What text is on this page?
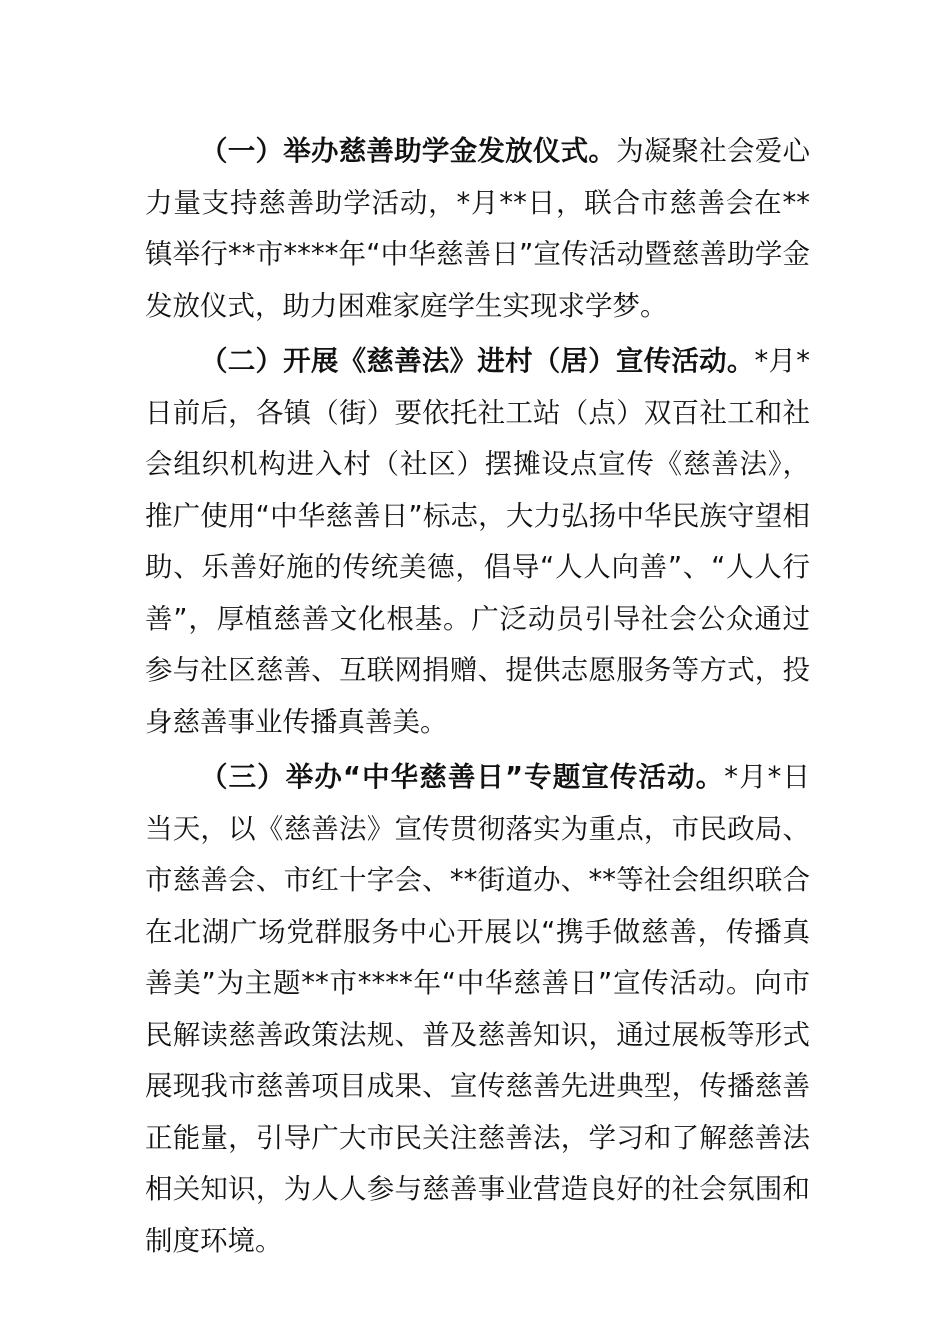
（一）举办慈善助学金发放仪式。为凝聚社会爱心力量支持慈善助学活动，*月**日，联合市慈善会在**镇举行**市****年“中华慈善日”宣传活动暨慈善助学金发放仪式，助力困难家庭学生实现求学梦。

（二）开展《慈善法》进村（居）宣传活动。*月*日前后，各镇（街）要依托社工站（点）双百社工和社会组织机构进入村（社区）摆摊设点宣传《慈善法》，推广使用“中华慈善日”标志，大力弘扬中华民族守望相助、乐善好施的传统美德，倡导“人人向善”、“人人行善”，厚植慈善文化根基。广泛动员引导社会公众通过参与社区慈善、互联网捐赠、提供志愿服务等方式，投身慈善事业传播真善美。

（三）举办“中华慈善日”专题宣传活动。*月*日当天，以《慈善法》宣传贯彻落实为重点，市民政局、市慈善会、市红十字会、**街道办、**等社会组织联合在北湖广场党群服务中心开展以“携手做慈善，传播真善美”为主题**市****年“中华慈善日”宣传活动。向市民解读慈善政策法规、普及慈善知识，通过展板等形式展现我市慈善项目成果、宣传慈善先进典型，传播慈善正能量，引导广大市民关注慈善法，学习和了解慈善法相关知识，为人人参与慈善事业营造良好的社会氛围和制度环境。
